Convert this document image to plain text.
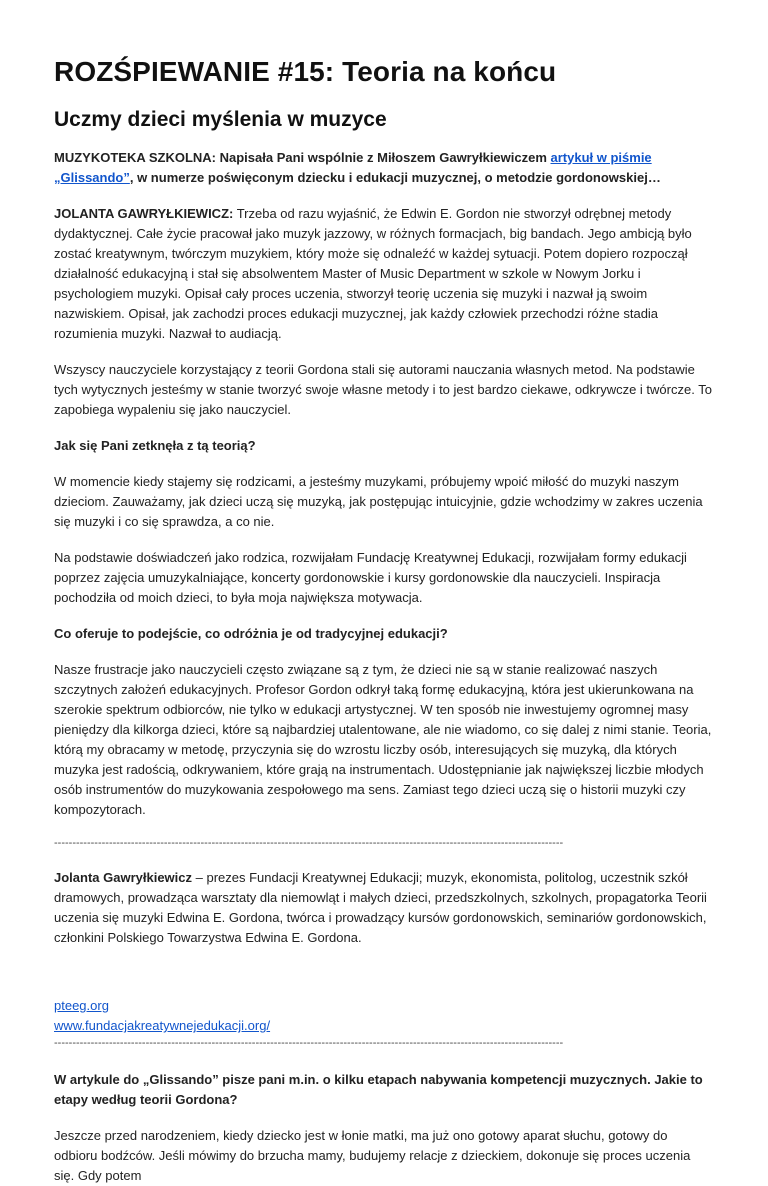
ROZŚPIEWANIE #15: Teoria na końcu
Uczmy dzieci myślenia w muzyce

MUZYKOTEKA SZKOLNA: Napisała Pani wspólnie z Miłoszem Gawryłkiewiczem artykuł w piśmie „Glissando”, w numerze poświęconym dziecku i edukacji muzycznej, o metodzie gordonowskiej…

JOLANTA GAWRYŁKIEWICZ: Trzeba od razu wyjaśnić, że Edwin E. Gordon nie stworzył odrębnej metody dydaktycznej. Całe życie pracował jako muzyk jazzowy, w różnych formacjach, big bandach. Jego ambicją było zostać kreatywnym, twórczym muzykiem, który może się odnaleźć w każdej sytuacji. Potem dopiero rozpoczął działalność edukacyjną i stał się absolwentem Master of Music Department w szkole w Nowym Jorku i psychologiem muzyki. Opisał cały proces uczenia, stworzył teorię uczenia się muzyki i nazwał ją swoim nazwiskiem. Opisał, jak zachodzi proces edukacji muzycznej, jak każdy człowiek przechodzi różne stadia rozumienia muzyki. Nazwał to audiacją.

Wszyscy nauczyciele korzystający z teorii Gordona stali się autorami nauczania własnych metod. Na podstawie tych wytycznych jesteśmy w stanie tworzyć swoje własne metody i to jest bardzo ciekawe, odkrywcze i twórcze. To zapobiega wypaleniu się jako nauczyciel.

Jak się Pani zetknęła z tą teorią?

W momencie kiedy stajemy się rodzicami, a jesteśmy muzykami, próbujemy wpoić miłość do muzyki naszym dzieciom. Zauważamy, jak dzieci uczą się muzyką, jak postępując intuicyjnie, gdzie wchodzimy w zakres uczenia się muzyki i co się sprawdza, a co nie.

Na podstawie doświadczeń jako rodzica, rozwijałam Fundację Kreatywnej Edukacji, rozwijałam formy edukacji poprzez zajęcia umuzykalniające, koncerty gordonowskie i kursy gordonowskie dla nauczycieli. Inspiracja pochodziła od moich dzieci, to była moja największa motywacja.

Co oferuje to podejście, co odróżnia je od tradycyjnej edukacji?

Nasze frustracje jako nauczycieli często związane są z tym, że dzieci nie są w stanie realizować naszych szczytnych założeń edukacyjnych. Profesor Gordon odkrył taką formę edukacyjną, która jest ukierunkowana na szerokie spektrum odbiorców, nie tylko w edukacji artystycznej. W ten sposób nie inwestujemy ogromnej masy pieniędzy dla kilkorga dzieci, które są najbardziej utalentowane, ale nie wiadomo, co się dalej z nimi stanie. Teoria, którą my obracamy w metodę, przyczynia się do wzrostu liczby osób, interesujących się muzyką, dla których muzyka jest radością, odkrywaniem, które grają na instrumentach. Udostępnianie jak największej liczbie młodych osób instrumentów do muzykowania zespołowego ma sens. Zamiast tego dzieci uczą się o historii muzyki czy kompozytorach.

-------------------------------------------------------------------------------------------------------------------------------------------

Jolanta Gawryłkiewicz – prezes Fundacji Kreatywnej Edukacji; muzyk, ekonomista, politolog, uczestnik szkół dramowych, prowadząca warsztaty dla niemowląt i małych dzieci, przedszkolnych, szkolnych, propagatorka Teorii uczenia się muzyki Edwina E. Gordona, twórca i prowadzący kursów gordonowskich, seminariów gordonowskich, członkini Polskiego Towarzystwa Edwina E. Gordona.

pteeg.org
www.fundacjakreatywnejedukacji.org/
-------------------------------------------------------------------------------------------------------------------------------------------

W artykule do „Glissando” pisze pani m.in. o kilku etapach nabywania kompetencji muzycznych. Jakie to etapy według teorii Gordona?

Jeszcze przed narodzeniem, kiedy dziecko jest w łonie matki, ma już ono gotowy aparat słuchu, gotowy do odbioru bodźców. Jeśli mówimy do brzucha mamy, budujemy relacje z dzieckiem, dokonuje się proces uczenia się. Gdy potem
